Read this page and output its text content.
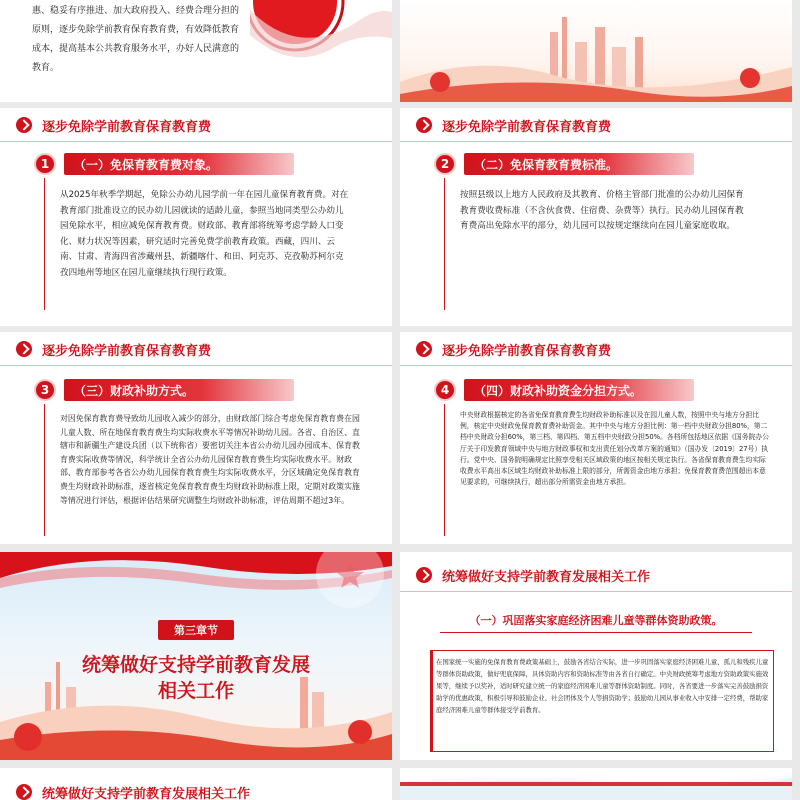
惠、稳妥有序推进、加大政府投入、经费合理分担的原则，逐步免除学前教育保育教育费，有效降低教育成本，提高基本公共教育服务水平，办好人民满意的教育。
逐步免除学前教育保育教育费
1	（一）免保育教育费对象。
从2025年秋季学期起，免除公办幼儿园学前一年在园儿童保育教育费。对在教育部门批准设立的民办幼儿园就读的适龄儿童，参照当地同类型公办幼儿园免除水平，相应减免保育教育费。财政部、教育部将统筹考虑学龄人口变化、财力状况等因素，研究适时完善免费学前教育政策。西藏，四川、云南、甘肃、青海四省涉藏州县，新疆喀什、和田、阿克苏、克孜勒苏柯尔克孜四地州等地区在园儿童继续执行现行政策。
逐步免除学前教育保育教育费
2	（二）免保育教育费标准。
按照县级以上地方人民政府及其教育、价格主管部门批准的公办幼儿园保育教育费收费标准（不含伙食费、住宿费、杂费等）执行。民办幼儿园保育教育费高出免除水平的部分，幼儿园可以按规定继续向在园儿童家庭收取。
逐步免除学前教育保育教育费
3	（三）财政补助方式。
对因免保育教育费导致幼儿园收入减少的部分，由财政部门综合考虑免保育教育费在园儿童人数、所在地保育教育费生均实际收费水平等情况补助幼儿园。各省、自治区、直辖市和新疆生产建设兵团（以下统称省）要密切关注本省公办幼儿园办园成本、保育教育费实际收费等情况，科学统计全省公办幼儿园保育教育费生均实际收费水平。财政部、教育部参考各省公办幼儿园保育教育费生均实际收费水平，分区域确定免保育教育费生均财政补助标准，逐省核定免保育教育费生均财政补助标准上限，定期对政策实施等情况进行评估，根据评估结果研究调整生均财政补助标准，评估周期不超过3年。
逐步免除学前教育保育教育费
4	（四）财政补助资金分担方式。
中央财政根据核定的各省免保育教育费生均财政补助标准以及在园儿童人数，按照中央与地方分担比例，核定中央财政免保育教育费补助资金。其中中央与地方分担比例：第一档中央财政分担80%，第二档中央财政分担60%，第三档、第四档、第五档中央财政分担50%。各档所包括地区依据《国务院办公厅关于印发教育领域中央与地方财政事权和支出责任划分改革方案的通知》（国办发〔2019〕27号）执行。党中央、国务院明确规定比照享受相关区域政策的地区按相关规定执行。各省保育教育费生均实际收费水平高出本区域生均财政补助标准上限的部分，所需资金由地方承担；免保育教育费范围超出本意见要求的，可继续执行，超出部分所需资金由地方承担。
第三章节
统筹做好支持学前教育发展
相关工作
统筹做好支持学前教育发展相关工作
（一）巩固落实家庭经济困难儿童等群体资助政策。
在国家统一实施的免保育教育费政策基础上，鼓励各省结合实际，进一步巩固落实家庭经济困难儿童、孤儿和残疾儿童等群体资助政策，做好兜底保障，具体资助内容和资助标准等由各省自行确定。中央财政统筹考虑地方资助政策实施效果等，继续予以奖补，适时研究建立统一的家庭经济困难儿童等群体资助制度。同时，各省要进一步落实完善鼓励捐资助学的优惠政策，积极引导和鼓励企业、社会团体及个人等捐资助学；鼓励幼儿园从事业收入中安排一定经费，帮助家庭经济困难儿童等群体接受学前教育。
统筹做好支持学前教育发展相关工作
